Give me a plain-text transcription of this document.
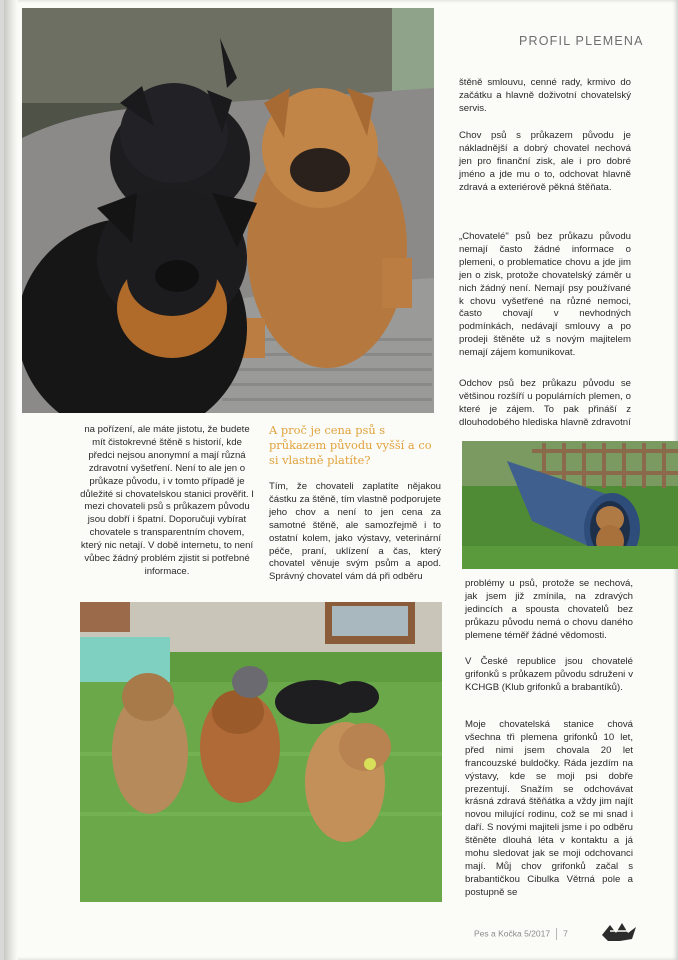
PROFIL PLEMENA

štěně smlouvu, cenné rady, krmivo do začátku a hlavně doživotní chovatelský servis.

Chov psů s průkazem původu je nákladnější a dobrý chovatel nechová jen pro finanční zisk, ale i pro dobré jméno a jde mu o to, odchovat hlavně zdravá a exteriérově pěkná štěňata.

„Chovatelé" psů bez průkazu původu nemají často žádné informace o plemeni, o problematice chovu a jde jim jen o zisk, protože chovatelský záměr u nich žádný není. Nemají psy používané k chovu vyšetřené na různé nemoci, často chovají v nevhodných podmínkách, nedávají smlouvy a po prodeji štěněte už s novým majitelem nemají zájem komunikovat.

Odchov psů bez průkazu původu se většinou rozšíří u populárních plemen, o které je zájem. To pak přináší z dlouhodobého hlediska hlavně zdravotní

na pořízení, ale máte jistotu, že budete mít čistokrevné štěně s historií, kde předci nejsou anonymní a mají různá zdravotní vyšetření. Není to ale jen o průkaze původu, i v tomto případě je důležité si chovatelskou stanici prověřit. I mezi chovateli psů s průkazem původu jsou dobří i špatní. Doporučuji vybírat chovatele s transparentním chovem, který nic netají. V době internetu, to není vůbec žádný problém zjistit si potřebné informace.

A proč je cena psů s průkazem původu vyšší a co si vlastně platíte?

Tím, že chovateli zaplatíte nějakou částku za štěně, tím vlastně podporujete jeho chov a není to jen cena za samotné štěně, ale samozřejmě i to ostatní kolem, jako výstavy, veterinární péče, praní, uklízení a čas, který chovatel věnuje svým psům a apod. Správný chovatel vám dá při odběru

problémy u psů, protože se nechová, jak jsem již zmínila, na zdravých jedincích a spousta chovatelů bez průkazu původu nemá o chovu daného plemene téměř žádné vědomosti.

V České republice jsou chovatelé grifonků s průkazem původu sdruženi v KCHGB (Klub grifonků a brabantíků).

Moje chovatelská stanice chová všechna tři plemena grifonků 10 let, před nimi jsem chovala 20 let francouzské buldočky. Ráda jezdím na výstavy, kde se moji psi dobře prezentují. Snažím se odchovávat krásná zdravá štěňátka a vždy jim najít novou milující rodinu, což se mi snad i daří. S novými majiteli jsme i po odběru štěněte dlouhá léta v kontaktu a já mohu sledovat jak se moji odchovanci mají. Můj chov grifonků začal s brabantičkou Cibulka Větrná pole a postupně se

Pes a Kočka 5/2017 7
